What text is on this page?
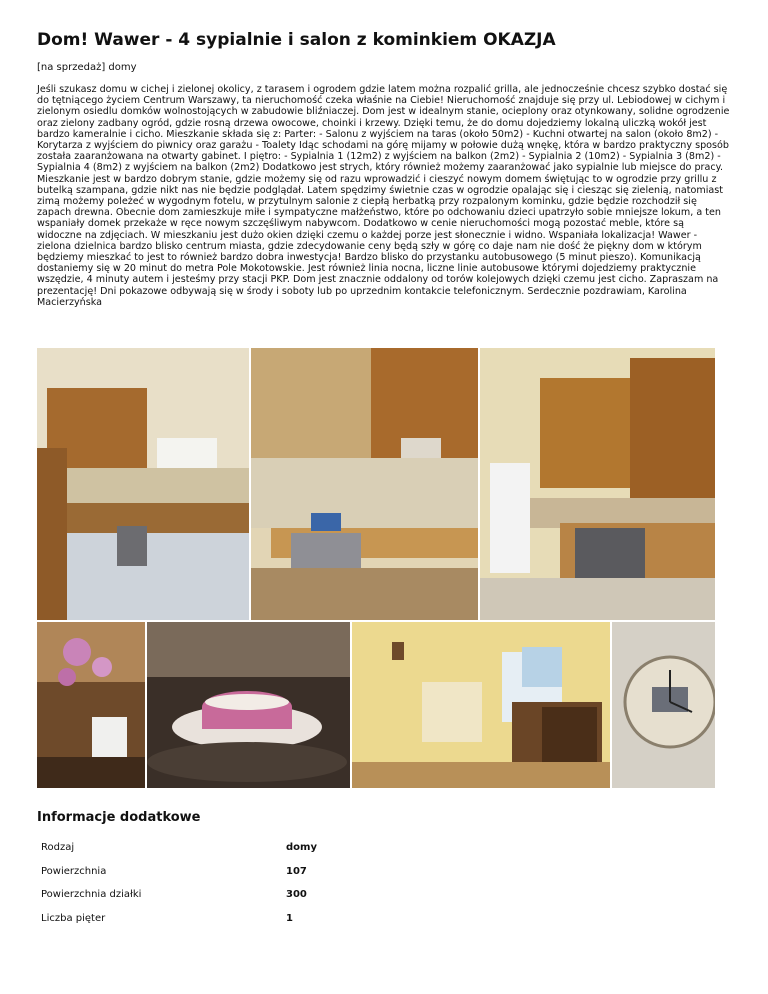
Dom! Wawer - 4 sypialnie i salon z kominkiem OKAZJA
[na sprzedaż] domy
Jeśli szukasz domu w cichej i zielonej okolicy, z tarasem i ogrodem gdzie latem można rozpalić grilla, ale jednocześnie chcesz szybko dostać się do tętniącego życiem Centrum Warszawy, ta nieruchomość czeka właśnie na Ciebie! Nieruchomość znajduje się przy ul. Lebiodowej w cichym i zielonym osiedlu domków wolnostojących w zabudowie bliźniaczej. Dom jest w idealnym stanie, ocieplony oraz otynkowany, solidne ogrodzenie oraz zielony zadbany ogród, gdzie rosną drzewa owocowe, choinki i krzewy. Dzięki temu, że do domu dojedziemy lokalną uliczką wokół jest bardzo kameralnie i cicho. Mieszkanie składa się z: Parter: - Salonu z wyjściem na taras (około 50m2) - Kuchni otwartej na salon (około 8m2) - Korytarza z wyjściem do piwnicy oraz garażu - Toalety Idąc schodami na górę mijamy w połowie dużą wnękę, która w bardzo praktyczny sposób została zaaranżowana na otwarty gabinet. I piętro: - Sypialnia 1 (12m2) z wyjściem na balkon (2m2) - Sypialnia 2 (10m2) - Sypialnia 3 (8m2) - Sypialnia 4 (8m2) z wyjściem na balkon (2m2) Dodatkowo jest strych, który również możemy zaaranżować jako sypialnie lub miejsce do pracy. Mieszkanie jest w bardzo dobrym stanie, gdzie możemy się od razu wprowadzić i cieszyć nowym domem świętując to w ogrodzie przy grillu z butelką szampana, gdzie nikt nas nie będzie podglądał. Latem spędzimy świetnie czas w ogrodzie opalając się i ciesząc się zielenią, natomiast zimą możemy poleżeć w wygodnym fotelu, w przytulnym salonie z ciepłą herbatką przy rozpalonym kominku, gdzie będzie rozchodził się zapach drewna. Obecnie dom zamieszkuje miłe i sympatyczne małżeństwo, które po odchowaniu dzieci upatrzyło sobie mniejsze lokum, a ten wspaniały domek przekaże w ręce nowym szczęśliwym nabywcom. Dodatkowo w cenie nieruchomości mogą pozostać meble, które są widoczne na zdjęciach. W mieszkaniu jest dużo okien dzięki czemu o każdej porze jest słonecznie i widno. Wspaniała lokalizacja! Wawer - zielona dzielnica bardzo blisko centrum miasta, gdzie zdecydowanie ceny będą szły w górę co daje nam nie dość że piękny dom w którym będziemy mieszkać to jest to również bardzo dobra inwestycja! Bardzo blisko do przystanku autobusowego (5 minut pieszo). Komunikacją dostaniemy się w 20 minut do metra Pole Mokotowskie. Jest również linia nocna, liczne linie autobusowe którymi dojedziemy praktycznie wszędzie, 4 minuty autem i jesteśmy przy stacji PKP. Dom jest znacznie oddalony od torów kolejowych dzięki czemu jest cicho. Zapraszam na prezentację! Dni pokazowe odbywają się w środy i soboty lub po uprzednim kontakcie telefonicznym. Serdecznie pozdrawiam, Karolina Macierzyńska
Informacje dodatkowe
Rodzaj	domy
Powierzchnia	107
Powierzchnia działki	300
Liczba pięter	1
